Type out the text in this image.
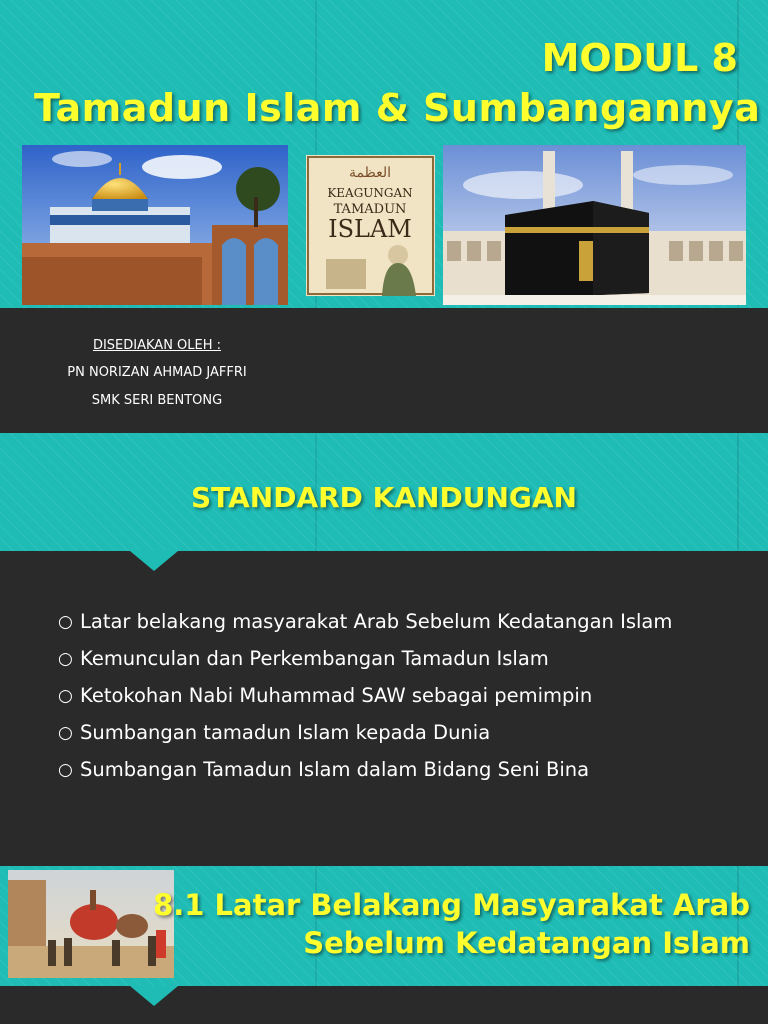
MODUL 8
Tamadun Islam & Sumbangannya
العظمة
KEAGUNGAN
TAMADUN
ISLAM
DISEDIAKAN OLEH :
PN NORIZAN AHMAD JAFFRI
SMK SERI BENTONG
STANDARD KANDUNGAN
○ Latar belakang masyarakat Arab Sebelum Kedatangan Islam
○ Kemunculan dan Perkembangan Tamadun Islam
○ Ketokohan Nabi Muhammad SAW sebagai pemimpin
○ Sumbangan tamadun Islam kepada Dunia
○ Sumbangan Tamadun Islam dalam Bidang Seni Bina
8.1 Latar Belakang Masyarakat Arab
Sebelum Kedatangan Islam
